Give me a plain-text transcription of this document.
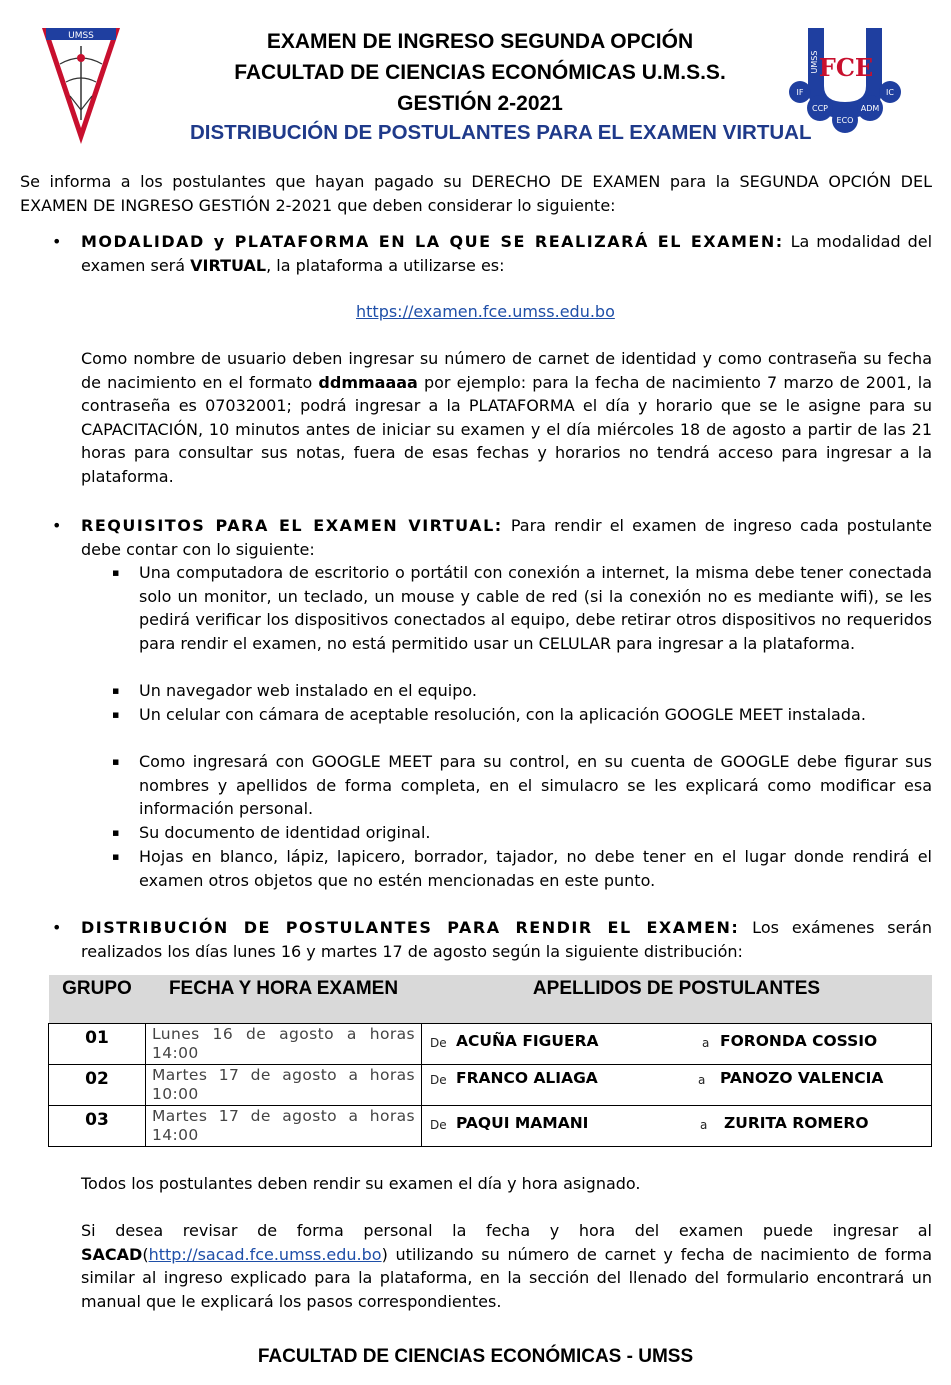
UMSS
FCE
UMSS
IF	IC
CCP	ADM
ECO
EXAMEN DE INGRESO SEGUNDA OPCIÓN
FACULTAD DE CIENCIAS ECONÓMICAS U.M.S.S.
GESTIÓN 2-2021
DISTRIBUCIÓN DE POSTULANTES PARA EL EXAMEN VIRTUAL
Se informa a los postulantes que hayan pagado su DERECHO DE EXAMEN para la SEGUNDA OPCIÓN DEL EXAMEN DE INGRESO GESTIÓN 2-2021 que deben considerar lo siguiente:
• MODALIDAD y PLATAFORMA EN LA QUE SE REALIZARÁ EL EXAMEN: La modalidad del examen será VIRTUAL, la plataforma a utilizarse es:
https://examen.fce.umss.edu.bo
Como nombre de usuario deben ingresar su número de carnet de identidad y como contraseña su fecha de nacimiento en el formato ddmmaaaa por ejemplo: para la fecha de nacimiento 7 marzo de 2001, la contraseña es 07032001; podrá ingresar a la PLATAFORMA el día y horario que se le asigne para su CAPACITACIÓN, 10 minutos antes de iniciar su examen y el día miércoles 18 de agosto a partir de las 21 horas para consultar sus notas, fuera de esas fechas y horarios no tendrá acceso para ingresar a la plataforma.
• REQUISITOS PARA EL EXAMEN VIRTUAL: Para rendir el examen de ingreso cada postulante debe contar con lo siguiente:
▪ Una computadora de escritorio o portátil con conexión a internet, la misma debe tener conectada solo un monitor, un teclado, un mouse y cable de red (si la conexión no es mediante wifi), se les pedirá verificar los dispositivos conectados al equipo, debe retirar otros dispositivos no requeridos para rendir el examen, no está permitido usar un CELULAR para ingresar a la plataforma.
▪ Un navegador web instalado en el equipo.
▪ Un celular con cámara de aceptable resolución, con la aplicación GOOGLE MEET instalada.
▪ Como ingresará con GOOGLE MEET para su control, en su cuenta de GOOGLE debe figurar sus nombres y apellidos de forma completa, en el simulacro se les explicará como modificar esa información personal.
▪ Su documento de identidad original.
▪ Hojas en blanco, lápiz, lapicero, borrador, tajador, no debe tener en el lugar donde rendirá el examen otros objetos que no estén mencionadas en este punto.
• DISTRIBUCIÓN DE POSTULANTES PARA RENDIR EL EXAMEN: Los exámenes serán realizados los días lunes 16 y martes 17 de agosto según la siguiente distribución:
GRUPO	FECHA Y HORA EXAMEN	APELLIDOS DE POSTULANTES
01	Lunes 16 de agosto a horas 14:00	De ACUÑA FIGUERA a FORONDA COSSIO

02	Martes 17 de agosto a horas 10:00	De FRANCO ALIAGA a PANOZO VALENCIA

03	Martes 17 de agosto a horas 14:00	De PAQUI MAMANI a ZURITA ROMERO
Todos los postulantes deben rendir su examen el día y hora asignado.
Si desea revisar de forma personal la fecha y hora del examen puede ingresar al SACAD(http://sacad.fce.umss.edu.bo) utilizando su número de carnet y fecha de nacimiento de forma similar al ingreso explicado para la plataforma, en la sección del llenado del formulario encontrará un manual que le explicará los pasos correspondientes.
FACULTAD DE CIENCIAS ECONÓMICAS - UMSS
